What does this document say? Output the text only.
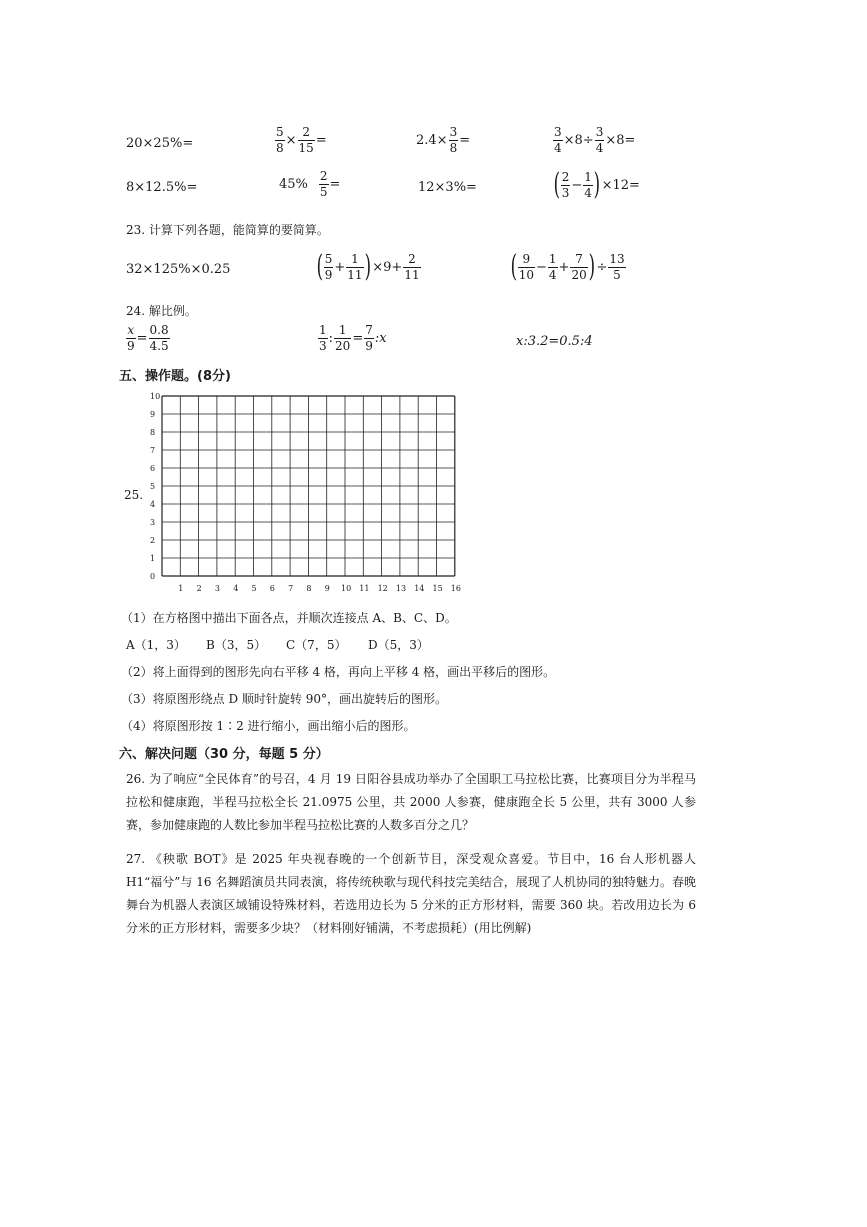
20×25%=	$\frac{5}{8} \times \frac{2}{15}$ =	$2.4\times \frac{3}{8}$ =	$\frac{3}{4} \times 8\div \frac{3}{4} \times 8=$
8×12.5%=	$45\% \frac{2}{5}$ =	12×3%=	( $\frac{2}{3} - \frac{1}{4}$ ) ×12=
23. 计算下列各题，能简算的要简算。
32×125%×0.25	( $\frac{5}{9} + \frac{1}{11}$ ) $\times 9+ \frac{2}{11}$	( $\frac{9}{10} - \frac{1}{4} + \frac{7}{20}$ ) ÷ $\frac{13}{5}$
24. 解比例。
$\frac{x}{9} = \frac{0.8}{4.5}$	$\frac{1}{3}$ : $\frac{1}{20} = \frac{7}{9}$ :x	x:3.2=0.5:4
五、操作题。(8分)
25.
0
1
2
3
4
5
6
7
8
9
10
1 2 3 4 5 6 7 8 9 10 11 12 13 14 15 16
（1）在方格图中描出下面各点，并顺次连接点 A、B、C、D。
A（1，3） B（3，5） C（7，5） D（5，3）
（2）将上面得到的图形先向右平移 4 格，再向上平移 4 格，画出平移后的图形。
（3）将原图形绕点 D 顺时针旋转 90°，画出旋转后的图形。
（4）将原图形按 1∶2 进行缩小，画出缩小后的图形。
六、解决问题（30 分，每题 5 分）
26. 为了响应“全民体育”的号召，4 月 19 日阳谷县成功举办了全国职工马拉松比赛，比赛项目分为半程马拉松和健康跑，半程马拉松全长 21.0975 公里，共 2000 人参赛，健康跑全长 5 公里，共有 3000 人参赛，参加健康跑的人数比参加半程马拉松比赛的人数多百分之几？
27. 《秧歌 BOT》是 2025 年央视春晚的一个创新节目，深受观众喜爱。节目中，16 台人形机器人 H1“福兮”与 16 名舞蹈演员共同表演，将传统秧歌与现代科技完美结合，展现了人机协同的独特魅力。春晚舞台为机器人表演区域铺设特殊材料，若选用边长为 5 分米的正方形材料，需要 360 块。若改用边长为 6 分米的正方形材料，需要多少块？（材料刚好铺满，不考虑损耗）(用比例解)
